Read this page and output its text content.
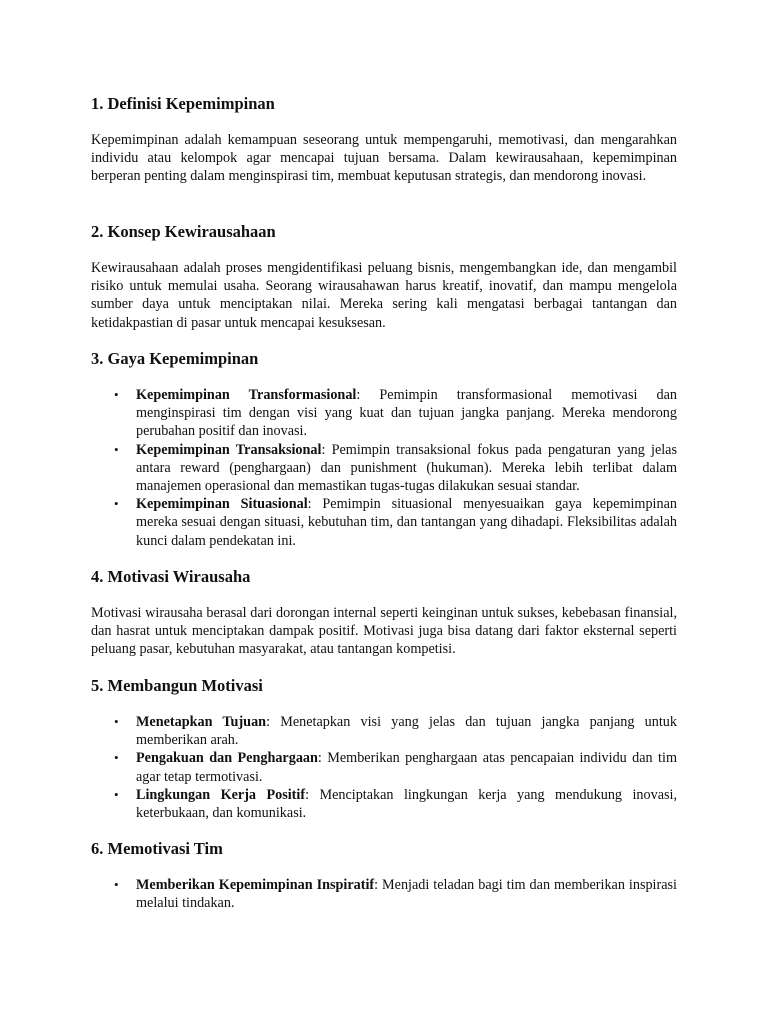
1. Definisi Kepemimpinan

Kepemimpinan adalah kemampuan seseorang untuk mempengaruhi, memotivasi, dan mengarahkan individu atau kelompok agar mencapai tujuan bersama. Dalam kewirausahaan, kepemimpinan berperan penting dalam menginspirasi tim, membuat keputusan strategis, dan mendorong inovasi.

2. Konsep Kewirausahaan

Kewirausahaan adalah proses mengidentifikasi peluang bisnis, mengembangkan ide, dan mengambil risiko untuk memulai usaha. Seorang wirausahawan harus kreatif, inovatif, dan mampu mengelola sumber daya untuk menciptakan nilai. Mereka sering kali mengatasi berbagai tantangan dan ketidakpastian di pasar untuk mencapai kesuksesan.

3. Gaya Kepemimpinan
• Kepemimpinan Transformasional: Pemimpin transformasional memotivasi dan menginspirasi tim dengan visi yang kuat dan tujuan jangka panjang. Mereka mendorong perubahan positif dan inovasi.
• Kepemimpinan Transaksional: Pemimpin transaksional fokus pada pengaturan yang jelas antara reward (penghargaan) dan punishment (hukuman). Mereka lebih terlibat dalam manajemen operasional dan memastikan tugas-tugas dilakukan sesuai standar.
• Kepemimpinan Situasional: Pemimpin situasional menyesuaikan gaya kepemimpinan mereka sesuai dengan situasi, kebutuhan tim, dan tantangan yang dihadapi. Fleksibilitas adalah kunci dalam pendekatan ini.
4. Motivasi Wirausaha

Motivasi wirausaha berasal dari dorongan internal seperti keinginan untuk sukses, kebebasan finansial, dan hasrat untuk menciptakan dampak positif. Motivasi juga bisa datang dari faktor eksternal seperti peluang pasar, kebutuhan masyarakat, atau tantangan kompetisi.

5. Membangun Motivasi
• Menetapkan Tujuan: Menetapkan visi yang jelas dan tujuan jangka panjang untuk memberikan arah.
• Pengakuan dan Penghargaan: Memberikan penghargaan atas pencapaian individu dan tim agar tetap termotivasi.
• Lingkungan Kerja Positif: Menciptakan lingkungan kerja yang mendukung inovasi, keterbukaan, dan komunikasi.
6. Memotivasi Tim
• Memberikan Kepemimpinan Inspiratif: Menjadi teladan bagi tim dan memberikan inspirasi melalui tindakan.
